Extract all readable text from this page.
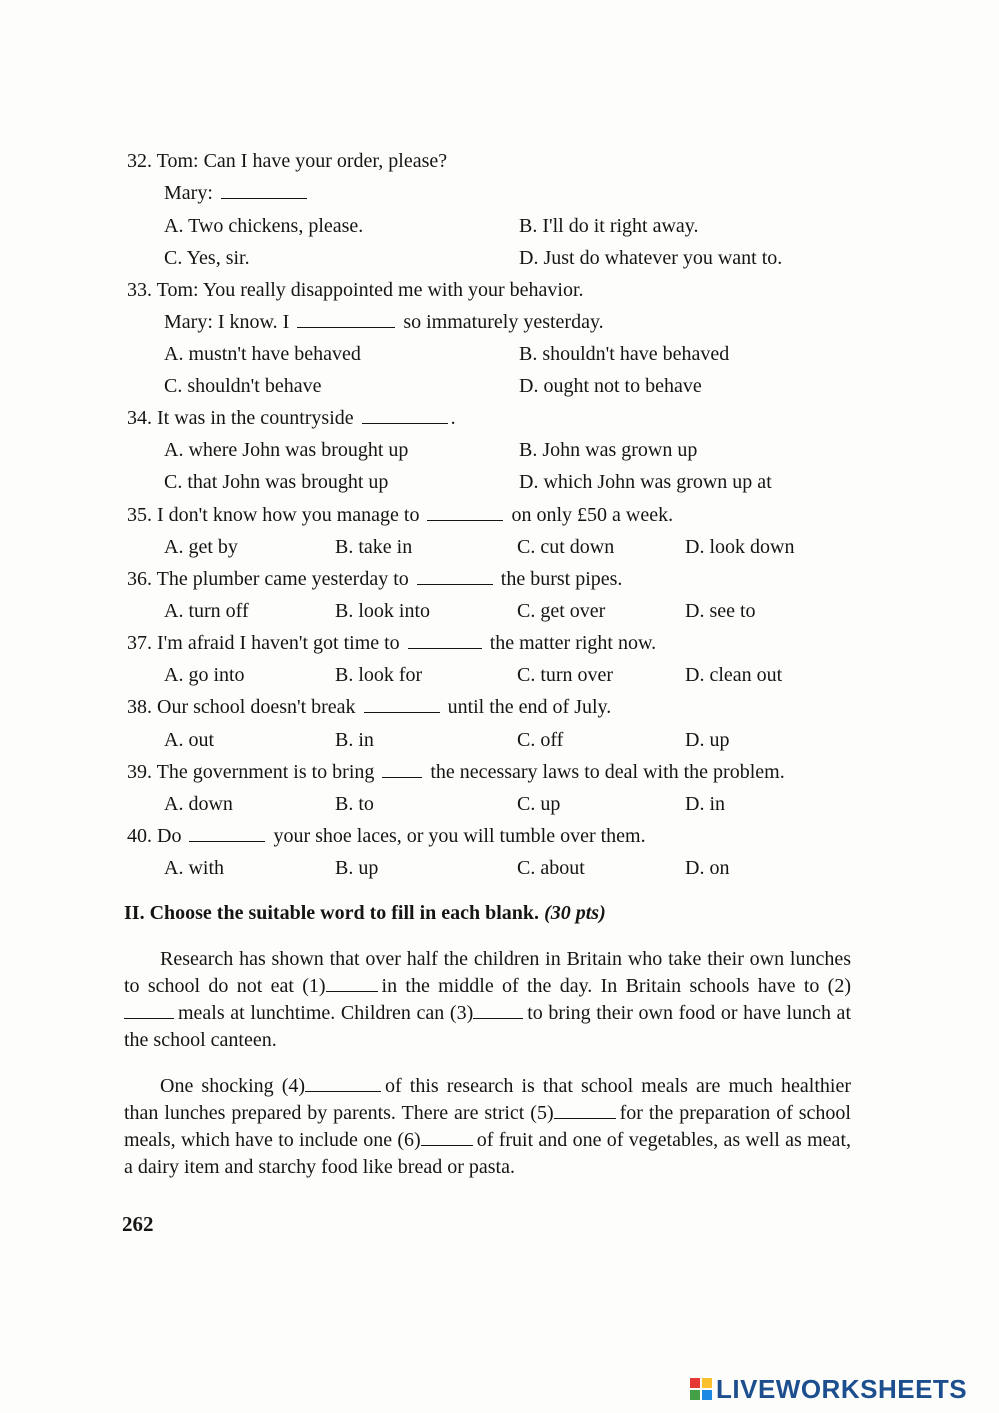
32. Tom: Can I have your order, please?
Mary:
A. Two chickens, please.	B. I'll do it right away.
C. Yes, sir.	D. Just do whatever you want to.
33. Tom: You really disappointed me with your behavior.
Mary: I know. I	so immaturely yesterday.
A. mustn't have behaved	B. shouldn't have behaved
C. shouldn't behave	D. ought not to behave
34. It was in the countryside	.
A. where John was brought up	B. John was grown up
C. that John was brought up	D. which John was grown up at
35. I don't know how you manage to	on only £50 a week.
A. get by	B. take in	C. cut down	D. look down
36. The plumber came yesterday to	the burst pipes.
A. turn off	B. look into	C. get over	D. see to
37. I'm afraid I haven't got time to	the matter right now.
A. go into	B. look for	C. turn over	D. clean out
38. Our school doesn't break	until the end of July.
A. out	B. in	C. off	D. up
39. The government is to bring	the necessary laws to deal with the problem.
A. down	B. to	C. up	D. in
40. Do	your shoe laces, or you will tumble over them.
A. with	B. up	C. about	D. on
II. Choose the suitable word to fill in each blank. (30 pts)
Research has shown that over half the children in Britain who take their own lunches to school do not eat (1)	in the middle of the day. In Britain schools have to (2)meals at lunchtime. Children can (3)	to bring their own food or have lunch at the school canteen.
One shocking (4)	of this research is that school meals are much healthier than lunches prepared by parents. There are strict (5)	for the preparation of school meals, which have to include one (6)	of fruit and one of vegetables, as well as meat, a dairy item and starchy food like bread or pasta.
262
LIVEWORKSHEETS
